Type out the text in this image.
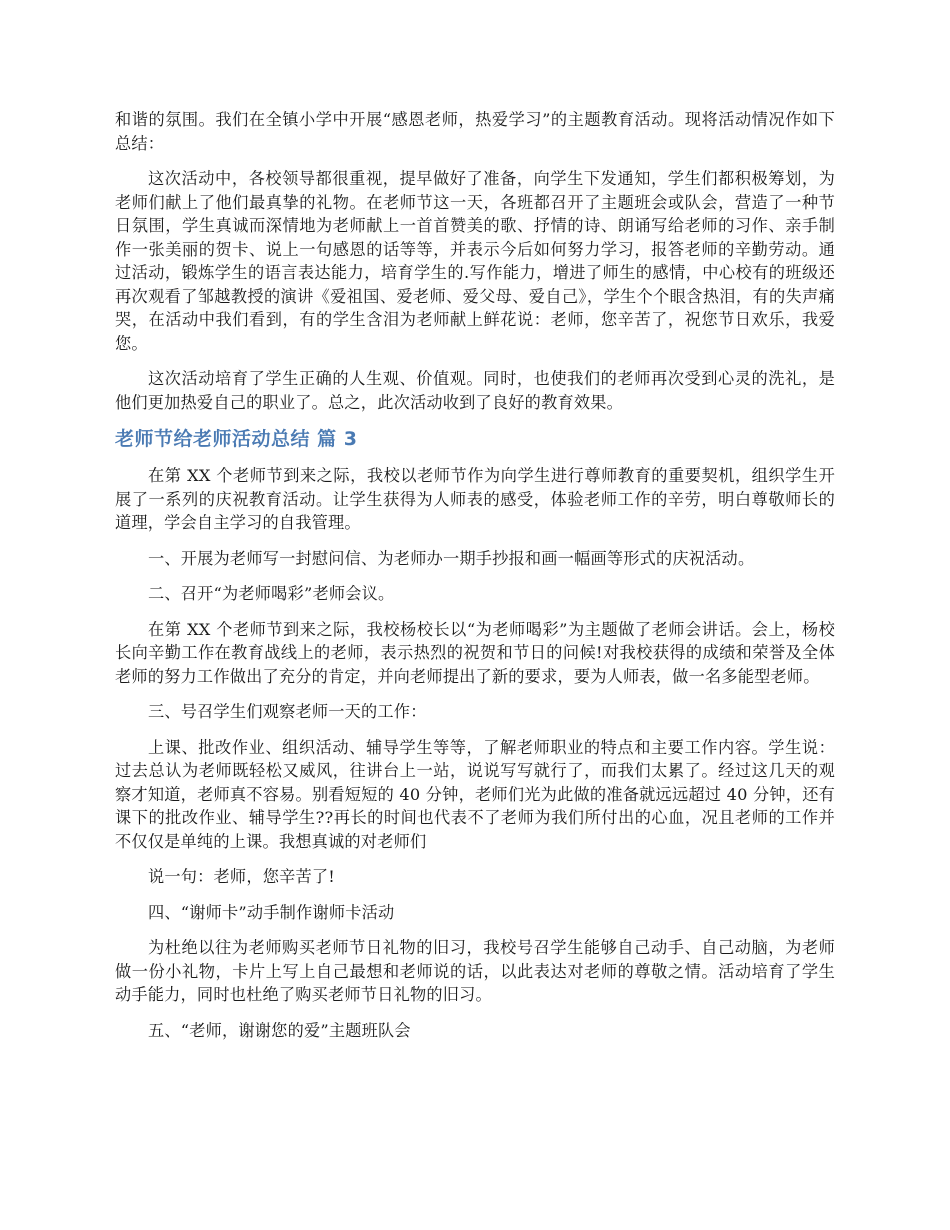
和谐的氛围。我们在全镇小学中开展“感恩老师，热爱学习”的主题教育活动。现将活动情况作如下总结：

这次活动中，各校领导都很重视，提早做好了准备，向学生下发通知，学生们都积极筹划，为老师们献上了他们最真挚的礼物。在老师节这一天，各班都召开了主题班会或队会，营造了一种节日氛围，学生真诚而深情地为老师献上一首首赞美的歌、抒情的诗、朗诵写给老师的习作、亲手制作一张美丽的贺卡、说上一句感恩的话等等，并表示今后如何努力学习，报答老师的辛勤劳动。通过活动，锻炼学生的语言表达能力，培育学生的.写作能力，增进了师生的感情，中心校有的班级还再次观看了邹越教授的演讲《爱祖国、爱老师、爱父母、爱自己》，学生个个眼含热泪，有的失声痛哭，在活动中我们看到，有的学生含泪为老师献上鲜花说：老师，您辛苦了，祝您节日欢乐，我爱您。

这次活动培育了学生正确的人生观、价值观。同时，也使我们的老师再次受到心灵的洗礼，是他们更加热爱自己的职业了。总之，此次活动收到了良好的教育效果。

老师节给老师活动总结 篇 3

在第 XX 个老师节到来之际，我校以老师节作为向学生进行尊师教育的重要契机，组织学生开展了一系列的庆祝教育活动。让学生获得为人师表的感受，体验老师工作的辛劳，明白尊敬师长的道理，学会自主学习的自我管理。

一、开展为老师写一封慰问信、为老师办一期手抄报和画一幅画等形式的庆祝活动。

二、召开“为老师喝彩”老师会议。

在第 XX 个老师节到来之际，我校杨校长以“为老师喝彩”为主题做了老师会讲话。会上，杨校长向辛勤工作在教育战线上的老师，表示热烈的祝贺和节日的问候!对我校获得的成绩和荣誉及全体老师的努力工作做出了充分的肯定，并向老师提出了新的要求，要为人师表，做一名多能型老师。

三、号召学生们观察老师一天的工作：

上课、批改作业、组织活动、辅导学生等等，了解老师职业的特点和主要工作内容。学生说：过去总认为老师既轻松又威风，往讲台上一站，说说写写就行了，而我们太累了。经过这几天的观察才知道，老师真不容易。别看短短的 40 分钟，老师们光为此做的准备就远远超过 40 分钟，还有课下的批改作业、辅导学生??再长的时间也代表不了老师为我们所付出的心血，况且老师的工作并不仅仅是单纯的上课。我想真诚的对老师们

说一句：老师，您辛苦了!

四、“谢师卡”动手制作谢师卡活动

为杜绝以往为老师购买老师节日礼物的旧习，我校号召学生能够自己动手、自己动脑，为老师做一份小礼物，卡片上写上自己最想和老师说的话，以此表达对老师的尊敬之情。活动培育了学生动手能力，同时也杜绝了购买老师节日礼物的旧习。

五、“老师，谢谢您的爱”主题班队会
